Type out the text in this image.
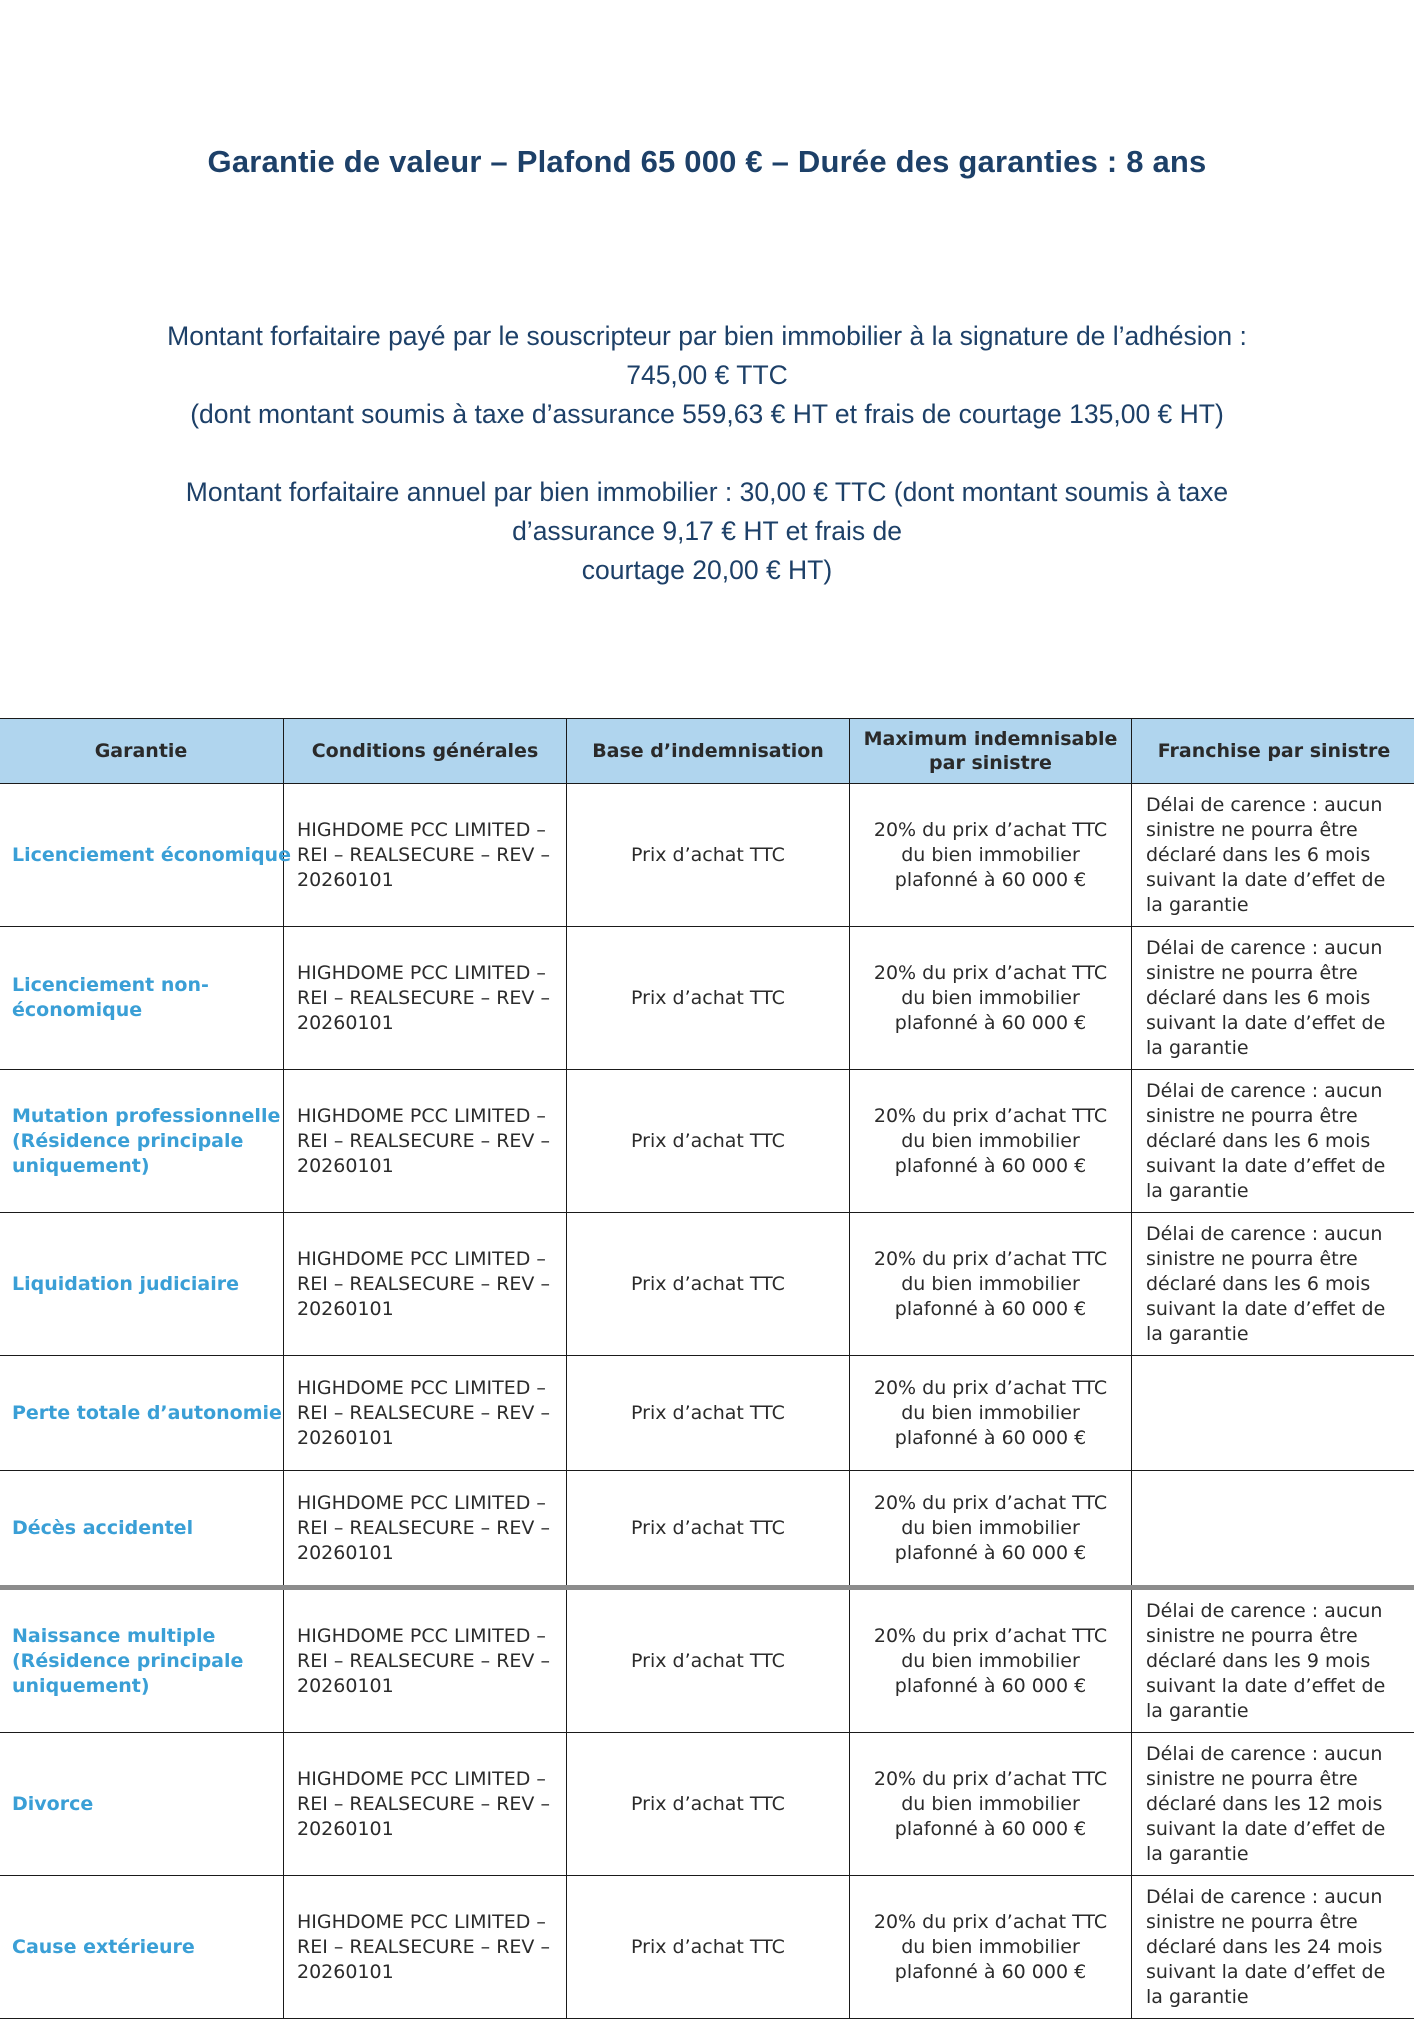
Garantie de valeur – Plafond 65 000 € – Durée des garanties : 8 ans
Montant forfaitaire payé par le souscripteur par bien immobilier à la signature de l’adhésion :
745,00 € TTC
(dont montant soumis à taxe d’assurance 559,63 € HT et frais de courtage 135,00 € HT)
Montant forfaitaire annuel par bien immobilier : 30,00 € TTC (dont montant soumis à taxe
d’assurance 9,17 € HT et frais de
courtage 20,00 € HT)
Garantie	Conditions générales	Base d’indemnisation	Maximum indemnisable
par sinistre	Franchise par sinistre

Licenciement économique	HIGHDOME PCC LIMITED –
REI – REALSECURE – REV –
20260101	Prix d’achat TTC	20% du prix d’achat TTC
du bien immobilier
plafonné à 60 000 €	Délai de carence : aucun
sinistre ne pourra être
déclaré dans les 6 mois
suivant la date d’effet de
la garantie

Licenciement non-
économique	HIGHDOME PCC LIMITED –
REI – REALSECURE – REV –
20260101	Prix d’achat TTC	20% du prix d’achat TTC
du bien immobilier
plafonné à 60 000 €	Délai de carence : aucun
sinistre ne pourra être
déclaré dans les 6 mois
suivant la date d’effet de
la garantie

Mutation professionnelle
(Résidence principale
uniquement)	HIGHDOME PCC LIMITED –
REI – REALSECURE – REV –
20260101	Prix d’achat TTC	20% du prix d’achat TTC
du bien immobilier
plafonné à 60 000 €	Délai de carence : aucun
sinistre ne pourra être
déclaré dans les 6 mois
suivant la date d’effet de
la garantie

Liquidation judiciaire	HIGHDOME PCC LIMITED –
REI – REALSECURE – REV –
20260101	Prix d’achat TTC	20% du prix d’achat TTC
du bien immobilier
plafonné à 60 000 €	Délai de carence : aucun
sinistre ne pourra être
déclaré dans les 6 mois
suivant la date d’effet de
la garantie

Perte totale d’autonomie	HIGHDOME PCC LIMITED –
REI – REALSECURE – REV –
20260101	Prix d’achat TTC	20% du prix d’achat TTC
du bien immobilier
plafonné à 60 000 €	

Décès accidentel	HIGHDOME PCC LIMITED –
REI – REALSECURE – REV –
20260101	Prix d’achat TTC	20% du prix d’achat TTC
du bien immobilier
plafonné à 60 000 €	

Naissance multiple
(Résidence principale
uniquement)	HIGHDOME PCC LIMITED –
REI – REALSECURE – REV –
20260101	Prix d’achat TTC	20% du prix d’achat TTC
du bien immobilier
plafonné à 60 000 €	Délai de carence : aucun
sinistre ne pourra être
déclaré dans les 9 mois
suivant la date d’effet de
la garantie

Divorce	HIGHDOME PCC LIMITED –
REI – REALSECURE – REV –
20260101	Prix d’achat TTC	20% du prix d’achat TTC
du bien immobilier
plafonné à 60 000 €	Délai de carence : aucun
sinistre ne pourra être
déclaré dans les 12 mois
suivant la date d’effet de
la garantie

Cause extérieure	HIGHDOME PCC LIMITED –
REI – REALSECURE – REV –
20260101	Prix d’achat TTC	20% du prix d’achat TTC
du bien immobilier
plafonné à 60 000 €	Délai de carence : aucun
sinistre ne pourra être
déclaré dans les 24 mois
suivant la date d’effet de
la garantie
